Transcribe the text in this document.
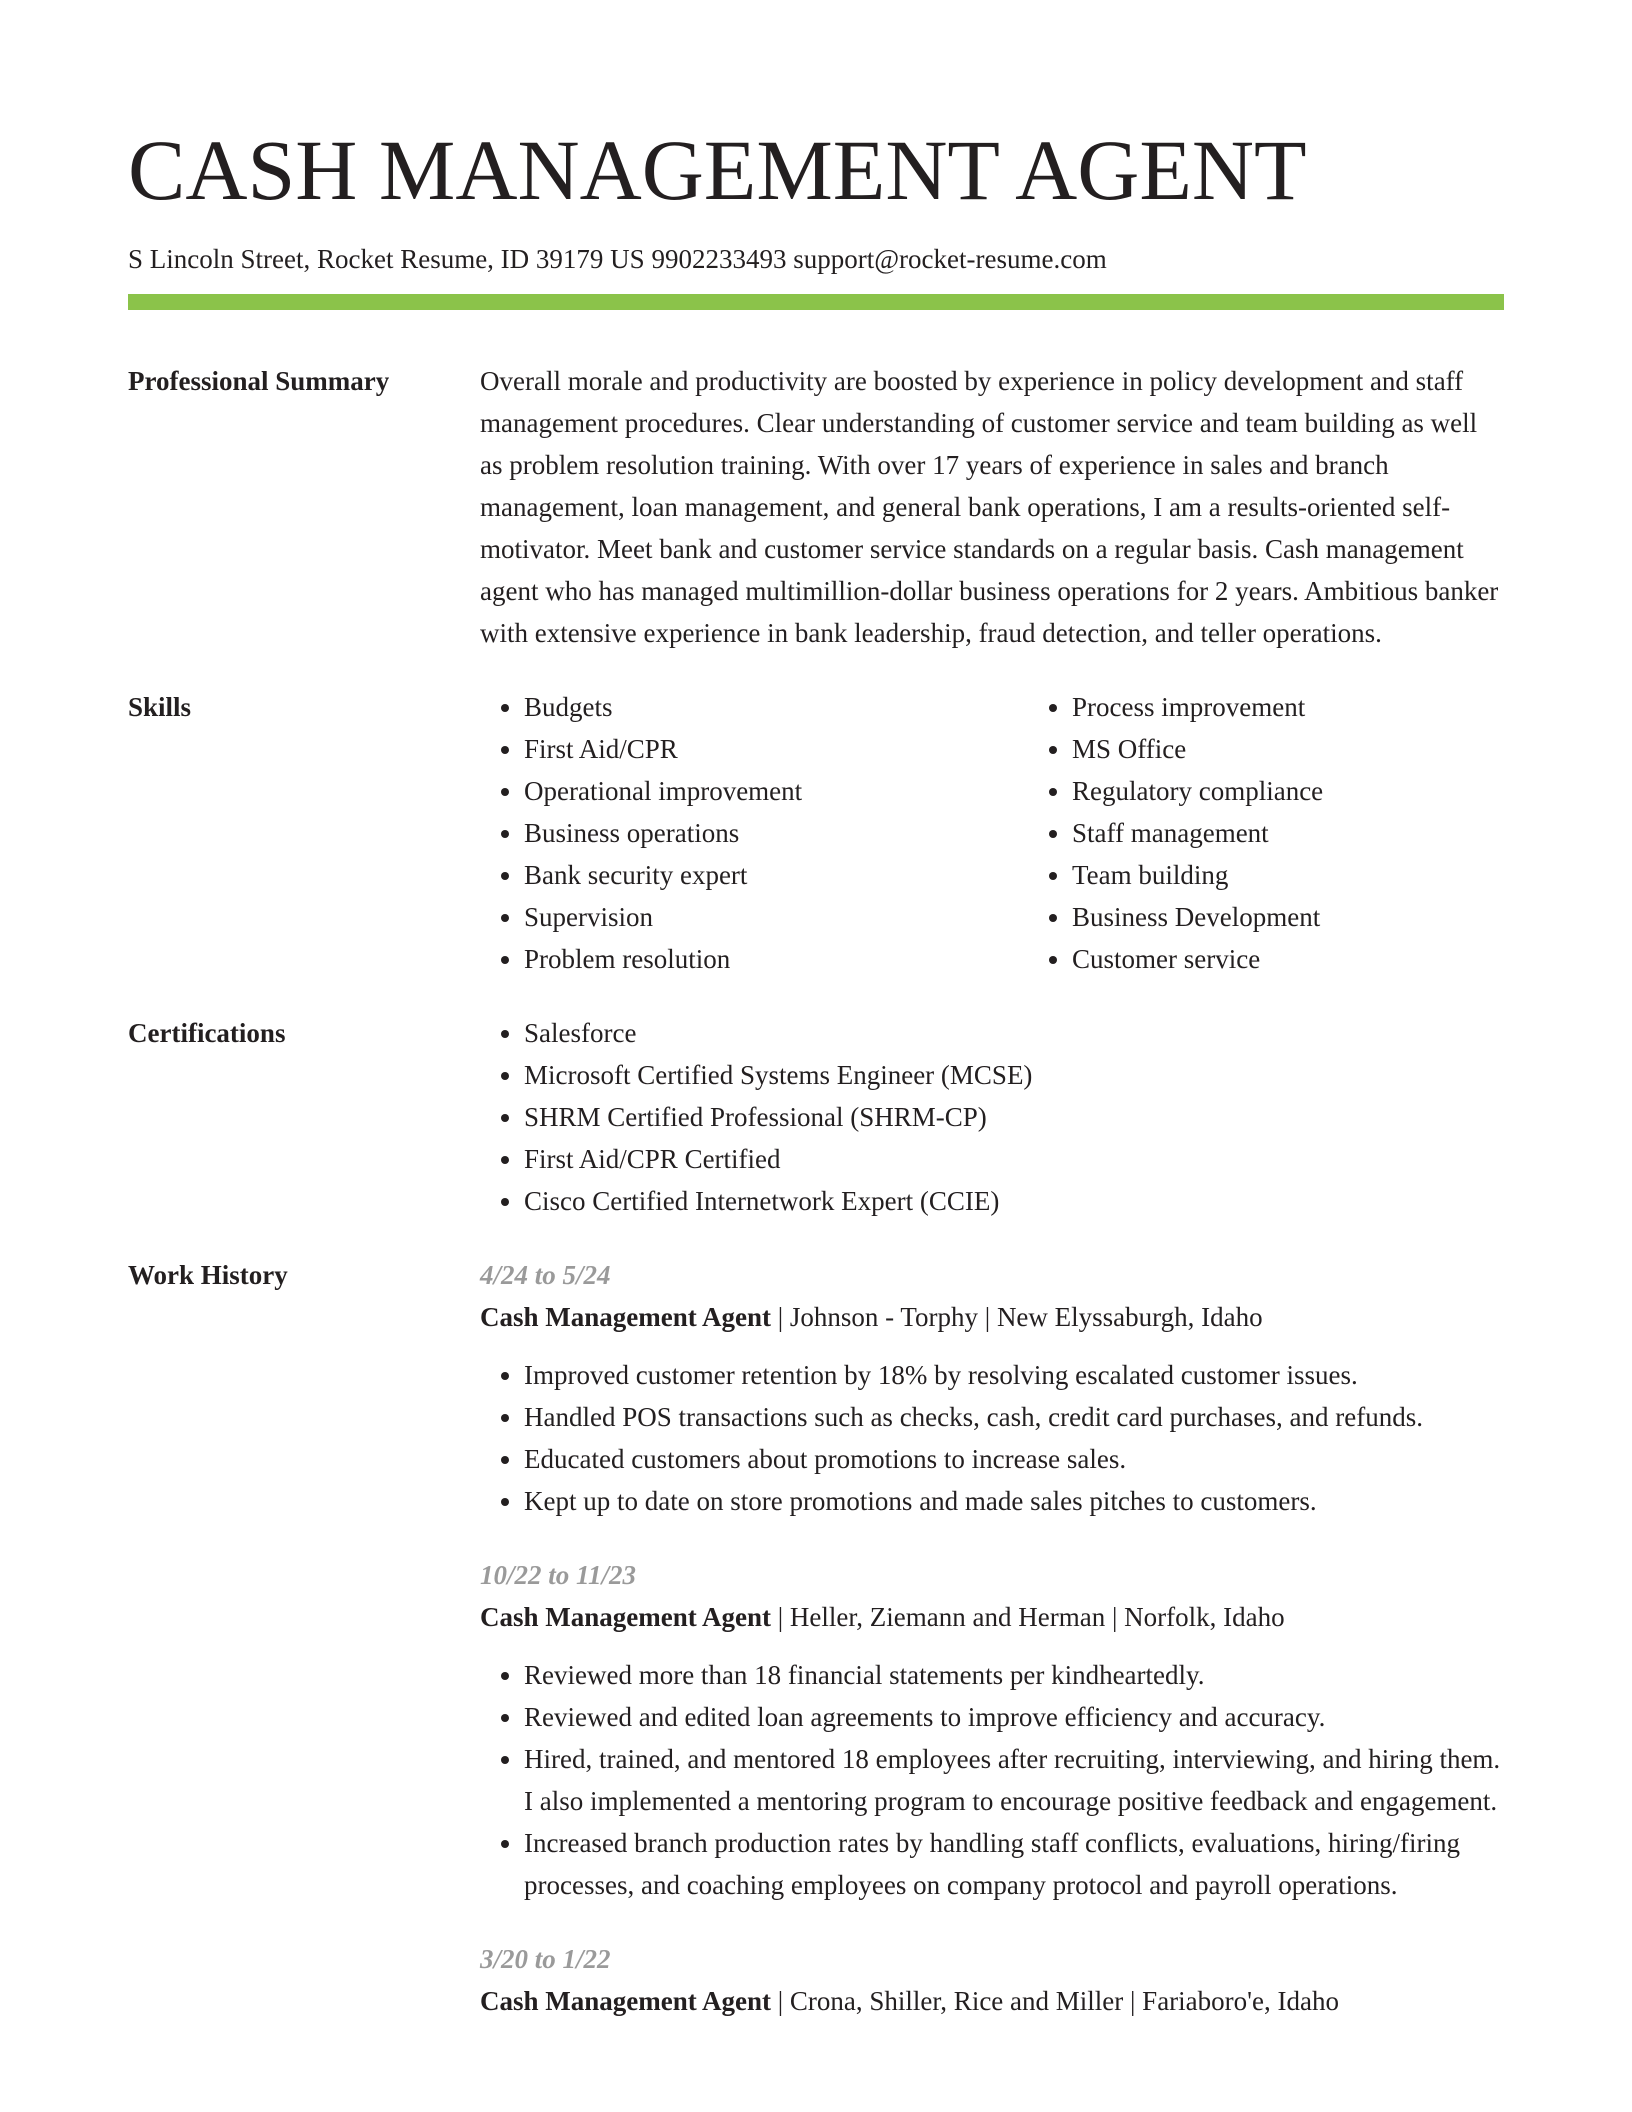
CASH MANAGEMENT AGENT
S Lincoln Street, Rocket Resume, ID 39179 US 9902233493 support@rocket-resume.com
Professional Summary	Overall morale and productivity are boosted by experience in policy development and staff management procedures. Clear understanding of customer service and team building as well as problem resolution training. With over 17 years of experience in sales and branch management, loan management, and general bank operations, I am a results-oriented self-motivator. Meet bank and customer service standards on a regular basis. Cash management agent who has managed multimillion-dollar business operations for 2 years. Ambitious banker with extensive experience in bank leadership, fraud detection, and teller operations.

Skills	• Budgets
• First Aid/CPR
• Operational improvement
• Business operations
• Bank security expert
• Supervision
• Problem resolution
• Process improvement
• MS Office
• Regulatory compliance
• Staff management
• Team building
• Business Development
• Customer service
Certifications	• Salesforce
• Microsoft Certified Systems Engineer (MCSE)
• SHRM Certified Professional (SHRM-CP)
• First Aid/CPR Certified
• Cisco Certified Internetwork Expert (CCIE)
Work History	4/24 to 5/24
Cash Management Agent | Johnson - Torphy | New Elyssaburgh, Idaho
• Improved customer retention by 18% by resolving escalated customer issues.
• Handled POS transactions such as checks, cash, credit card purchases, and refunds.
• Educated customers about promotions to increase sales.
• Kept up to date on store promotions and made sales pitches to customers.
10/22 to 11/23
Cash Management Agent | Heller, Ziemann and Herman | Norfolk, Idaho
• Reviewed more than 18 financial statements per kindheartedly.
• Reviewed and edited loan agreements to improve efficiency and accuracy.
• Hired, trained, and mentored 18 employees after recruiting, interviewing, and hiring them. I also implemented a mentoring program to encourage positive feedback and engagement.
• Increased branch production rates by handling staff conflicts, evaluations, hiring/firing processes, and coaching employees on company protocol and payroll operations.
3/20 to 1/22
Cash Management Agent | Crona, Shiller, Rice and Miller | Fariaboro'e, Idaho
